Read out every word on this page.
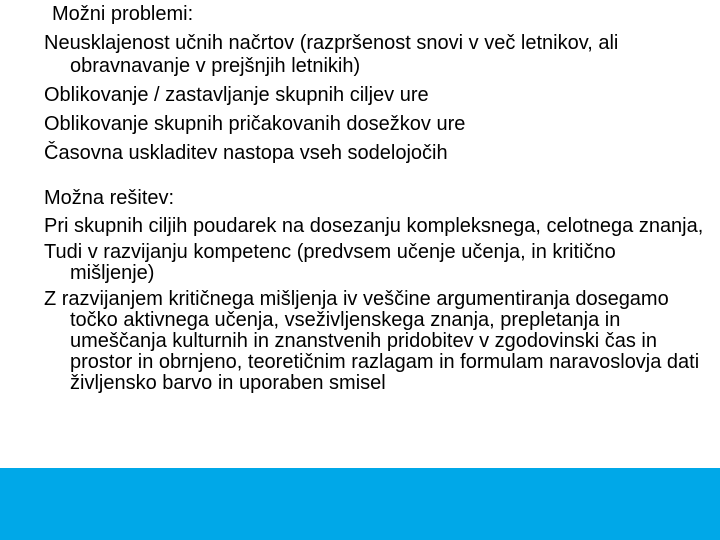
Možni problemi:

Neusklajenost učnih načrtov (razpršenost snovi v več letnikov, ali obravnavanje v prejšnjih letnikih)

Oblikovanje / zastavljanje skupnih ciljev ure

Oblikovanje skupnih pričakovanih dosežkov ure

Časovna uskladitev nastopa vseh sodelojočih

Možna rešitev:

Pri skupnih ciljih poudarek na dosezanju kompleksnega, celotnega znanja,

Tudi v razvijanju kompetenc (predvsem učenje učenja, in kritično mišljenje)

Z razvijanjem kritičnega mišljenja iv veščine argumentiranja dosegamo točko aktivnega učenja, vseživljenskega znanja, prepletanja in umeščanja kulturnih in znanstvenih pridobitev v zgodovinski čas in prostor in obrnjeno, teoretičnim razlagam in formulam naravoslovja dati življensko barvo in uporaben smisel
